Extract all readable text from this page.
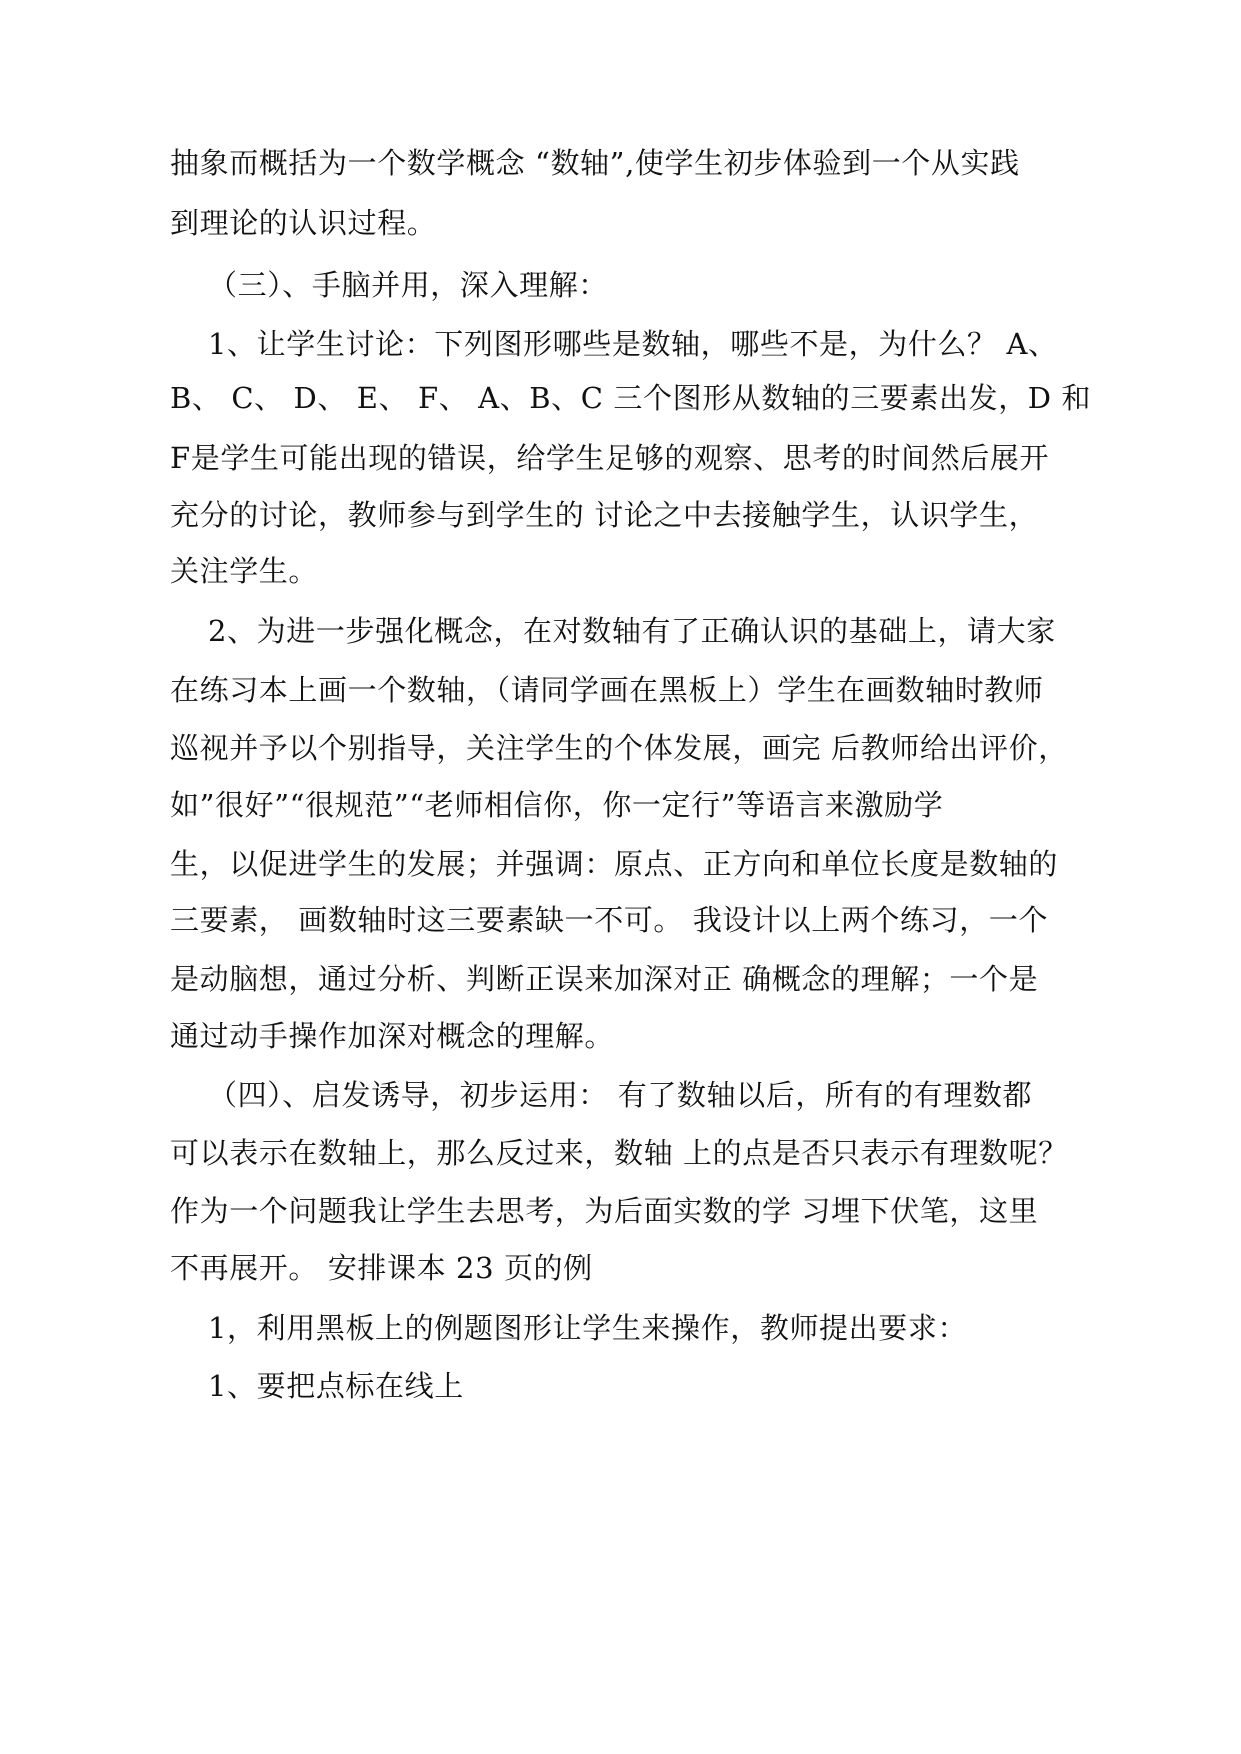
抽象而概括为一个数学概念 “数轴”,使学生初步体验到一个从实践
到理论的认识过程。
（三）、手脑并用，深入理解：
1、让学生讨论：下列图形哪些是数轴，哪些不是，为什么？ A、
B、 C、 D、 E、 F、 A、B、C 三个图形从数轴的三要素出发，D 和
F是学生可能出现的错误，给学生足够的观察、思考的时间然后展开
充分的讨论，教师参与到学生的 讨论之中去接触学生，认识学生，
关注学生。
2、为进一步强化概念，在对数轴有了正确认识的基础上，请大家
在练习本上画一个数轴，（请同学画在黑板上）学生在画数轴时教师
巡视并予以个别指导，关注学生的个体发展，画完 后教师给出评价，
如”很好”“很规范”“老师相信你，你一定行”等语言来激励学
生，以促进学生的发展；并强调：原点、正方向和单位长度是数轴的
三要素， 画数轴时这三要素缺一不可。 我设计以上两个练习，一个
是动脑想，通过分析、判断正误来加深对正 确概念的理解；一个是
通过动手操作加深对概念的理解。
（四）、启发诱导，初步运用： 有了数轴以后，所有的有理数都
可以表示在数轴上，那么反过来，数轴 上的点是否只表示有理数呢？
作为一个问题我让学生去思考，为后面实数的学 习埋下伏笔，这里
不再展开。 安排课本 23 页的例
1，利用黑板上的例题图形让学生来操作，教师提出要求：
1、要把点标在线上
